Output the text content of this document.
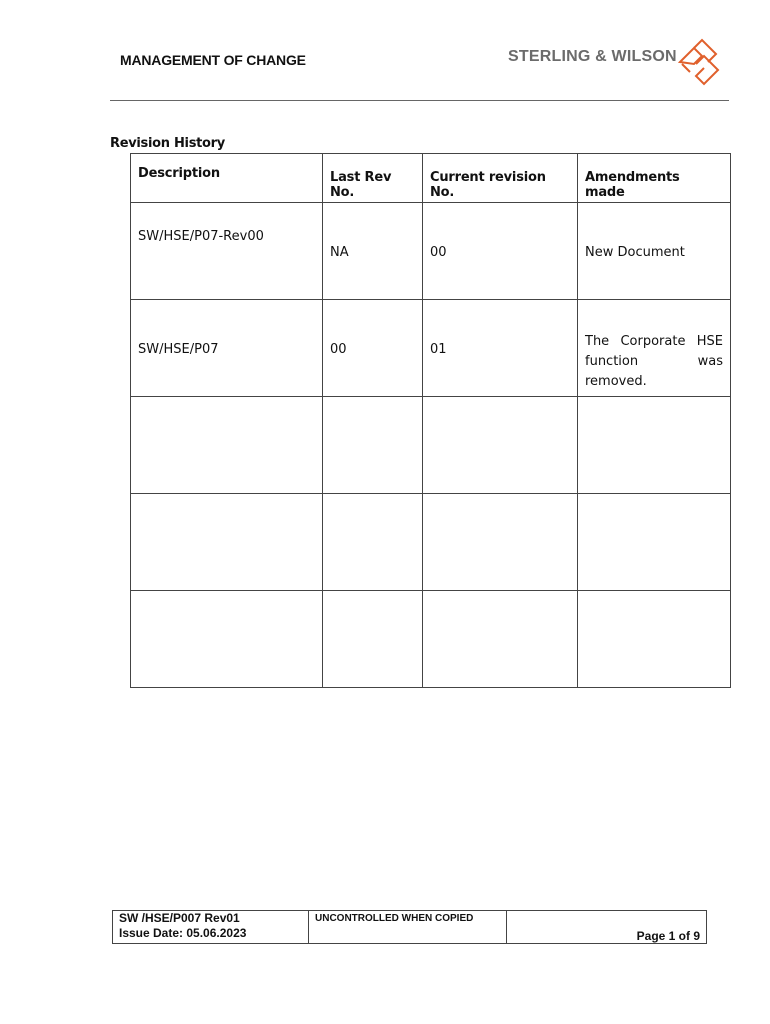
MANAGEMENT OF CHANGE	STERLING & WILSON
Revision History
Description	Last Rev No.	Current revision No.	Amendments made
SW/HSE/P07-Rev00	NA	00	New Document
SW/HSE/P07	00	01	The Corporate HSE function was removed.

SW /HSE/P007 Rev01
Issue Date: 05.06.2023
	UNCONTROLLED WHEN COPIED	Page 1 of 9
